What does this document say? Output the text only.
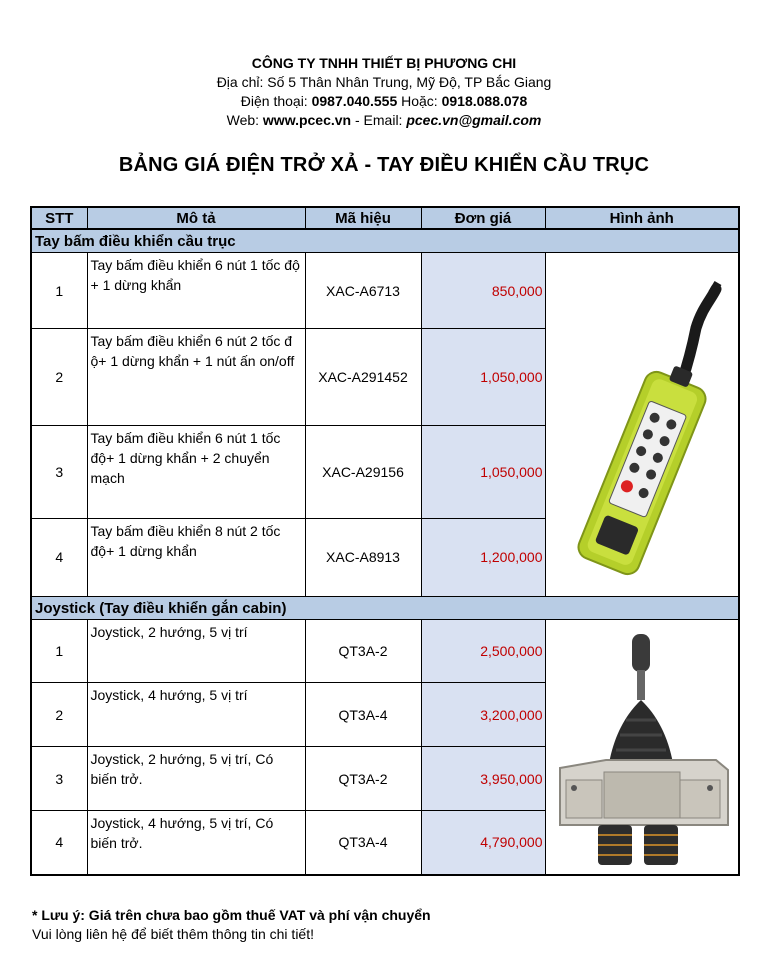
CÔNG TY TNHH THIẾT BỊ PHƯƠNG CHI
Địa chỉ: Số 5 Thân Nhân Trung, Mỹ Độ, TP Bắc Giang
Điện thoại: 0987.040.555 Hoặc: 0918.088.078
Web: www.pcec.vn - Email: pcec.vn@gmail.com
BẢNG GIÁ ĐIỆN TRỞ XẢ - TAY ĐIỀU KHIỂN CẦU TRỤC
STT	Mô tả	Mã hiệu	Đơn giá	Hình ảnh
Tay bấm điều khiển cầu trục				
1	Tay bấm điều khiển 6 nút 1 tốc độ + 1 dừng khẩn	XAC-A6713	850,000	
2	Tay bấm điều khiển 6 nút 2 tốc đ ộ+ 1 dừng khẩn + 1 nút ấn on/off	XAC-A291452	1,050,000	
3	Tay bấm điều khiển 6 nút 1 tốc độ+ 1 dừng khẩn + 2 chuyển mạch	XAC-A29156	1,050,000	
4	Tay bấm điều khiển 8 nút 2 tốc độ+ 1 dừng khẩn	XAC-A8913	1,200,000	
Joystick (Tay điều khiển gắn cabin)				
1	Joystick, 2 hướng, 5 vị trí	QT3A-2	2,500,000	
2	Joystick, 4 hướng, 5 vị trí	QT3A-4	3,200,000	
3	Joystick, 2 hướng, 5 vị trí, Có biến trở.	QT3A-2	3,950,000	
4	Joystick, 4 hướng, 5 vị trí, Có biến trở.	QT3A-4	4,790,000	
* Lưu ý: Giá trên chưa bao gồm thuế VAT và phí vận chuyển
Vui lòng liên hệ để biết thêm thông tin chi tiết!
